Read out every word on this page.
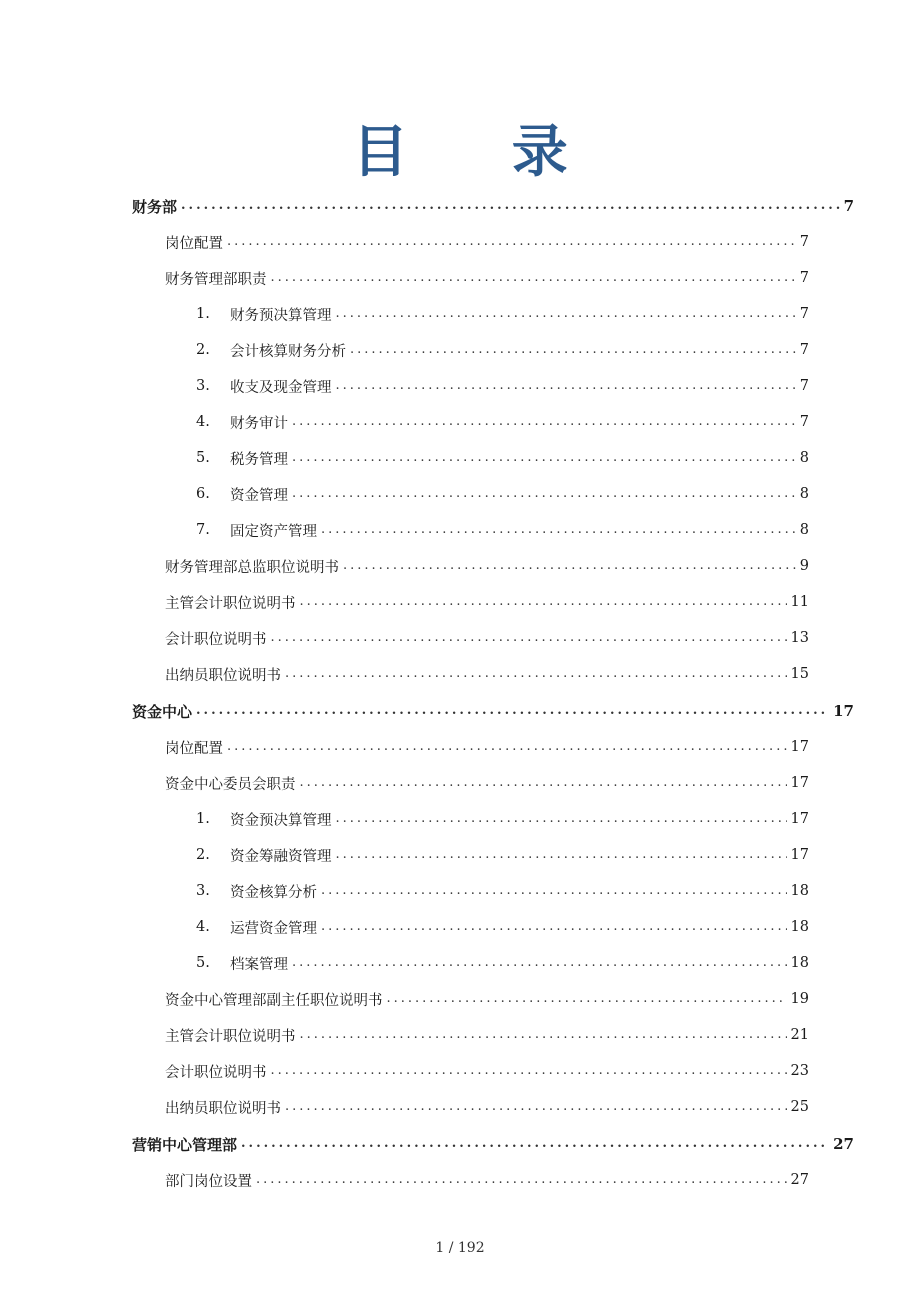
目 录
财务部 .....	7
岗位配置 .....	7
财务管理部职责 .....	7
1.	财务预决算管理 .....	7
2.	会计核算财务分析 .....	7
3.	收支及现金管理 .....	7
4.	财务审计 .....	7
5.	税务管理 .....	8
6.	资金管理 .....	8
7.	固定资产管理 .....	8
财务管理部总监职位说明书 .....	9
主管会计职位说明书 .....	11
会计职位说明书 .....	13
出纳员职位说明书 .....	15
资金中心 .....	17
岗位配置 .....	17
资金中心委员会职责 .....	17
1.	资金预决算管理 .....	17
2.	资金筹融资管理 .....	17
3.	资金核算分析 .....	18
4.	运营资金管理 .....	18
5.	档案管理 .....	18
资金中心管理部副主任职位说明书 .....	19
主管会计职位说明书 .....	21
会计职位说明书 .....	23
出纳员职位说明书 .....	25
营销中心管理部 .....	27
部门岗位设置 .....	27
1 / 192
